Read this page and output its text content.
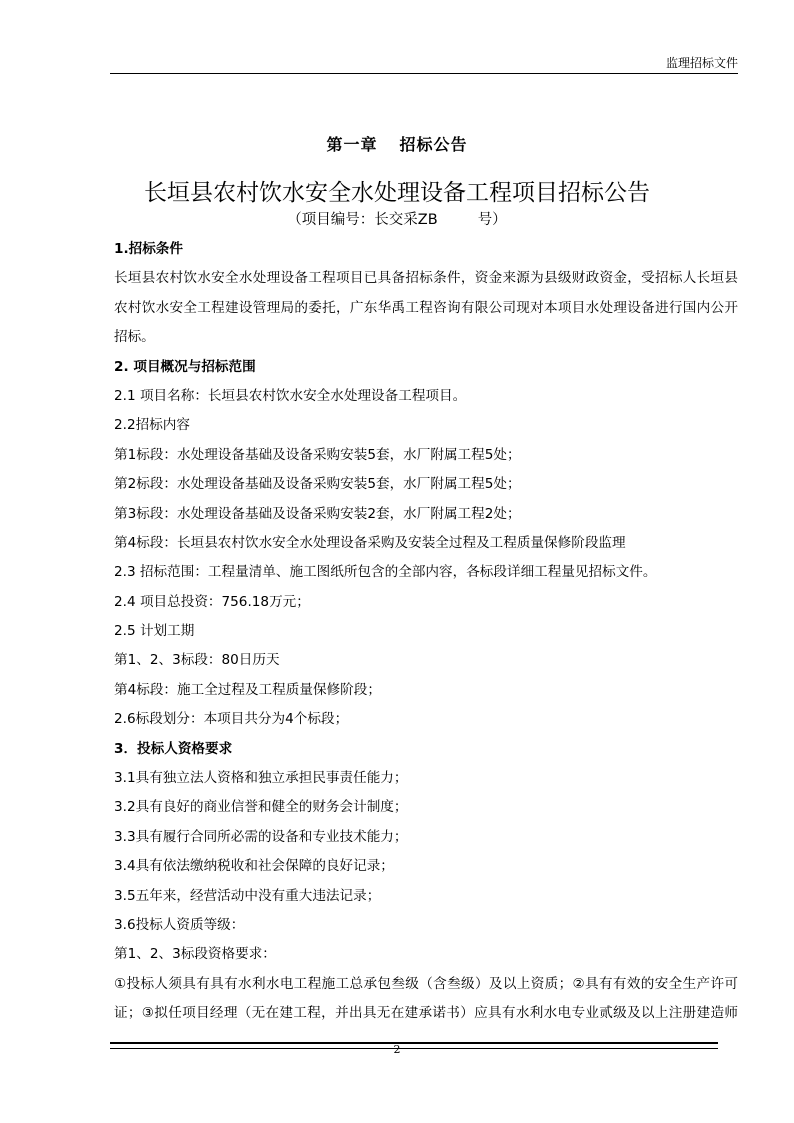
监理招标文件
第一章 招标公告
长垣县农村饮水安全水处理设备工程项目招标公告
（项目编号：长交采ZB	号）
1.招标条件
长垣县农村饮水安全水处理设备工程项目已具备招标条件，资金来源为县级财政资金，受招标人长垣县
农村饮水安全工程建设管理局的委托，广东华禹工程咨询有限公司现对本项目水处理设备进行国内公开
招标。
2. 项目概况与招标范围
2.1 项目名称：长垣县农村饮水安全水处理设备工程项目。
2.2招标内容
第1标段：水处理设备基础及设备采购安装5套，水厂附属工程5处；
第2标段：水处理设备基础及设备采购安装5套，水厂附属工程5处；
第3标段：水处理设备基础及设备采购安装2套，水厂附属工程2处；
第4标段：长垣县农村饮水安全水处理设备采购及安装全过程及工程质量保修阶段监理
2.3 招标范围：工程量清单、施工图纸所包含的全部内容，各标段详细工程量见招标文件。
2.4 项目总投资：756.18万元；
2.5 计划工期
第1、2、3标段：80日历天
第4标段：施工全过程及工程质量保修阶段；
2.6标段划分：本项目共分为4个标段；
3．投标人资格要求
3.1具有独立法人资格和独立承担民事责任能力；
3.2具有良好的商业信誉和健全的财务会计制度；
3.3具有履行合同所必需的设备和专业技术能力；
3.4具有依法缴纳税收和社会保障的良好记录；
3.5五年来，经营活动中没有重大违法记录；
3.6投标人资质等级：
第1、2、3标段资格要求：
①投标人须具有具有水利水电工程施工总承包叁级（含叁级）及以上资质；②具有有效的安全生产许可
证；③拟任项目经理（无在建工程，并出具无在建承诺书）应具有水利水电专业贰级及以上注册建造师
2
